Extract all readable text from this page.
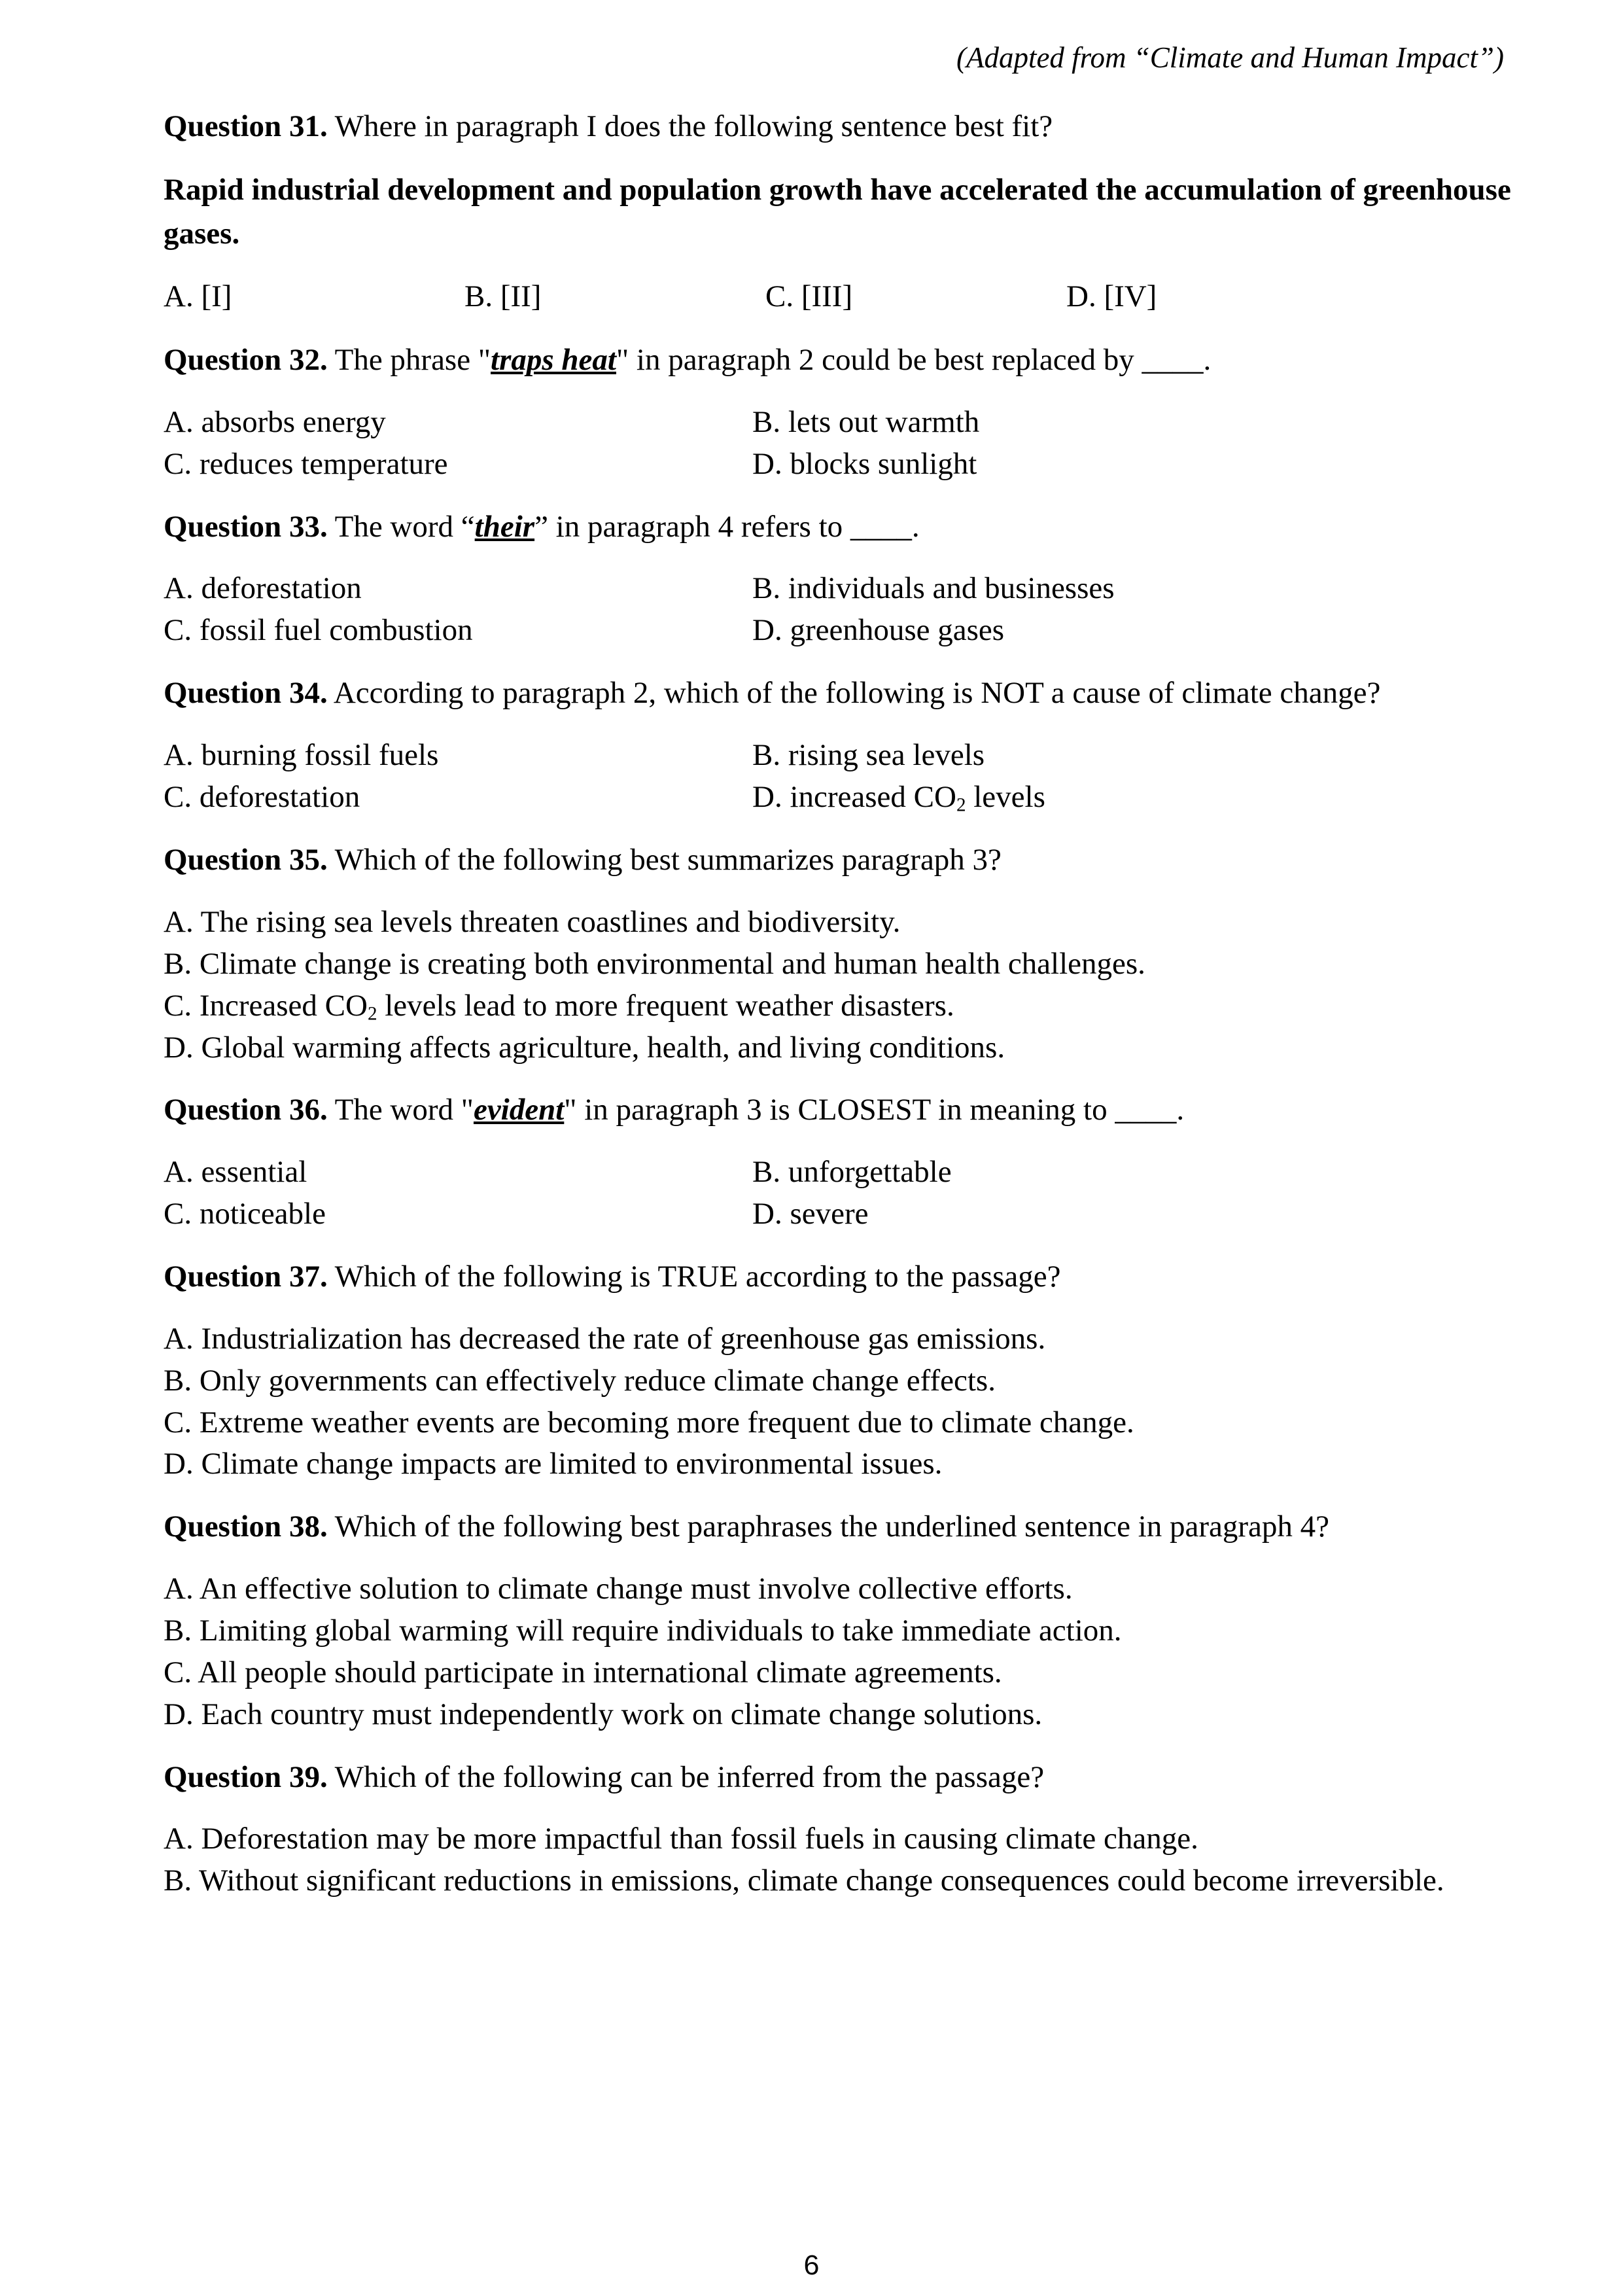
(Adapted from “Climate and Human Impact”)

Question 31. Where in paragraph I does the following sentence best fit?

Rapid industrial development and population growth have accelerated the accumulation of greenhouse gases.

A. [I]	B. [II]	C. [III]	D. [IV]

Question 32. The phrase "traps heat" in paragraph 2 could be best replaced by ____.

A. absorbs energy	B. lets out warmth
C. reduces temperature	D. blocks sunlight

Question 33. The word “their” in paragraph 4 refers to ____.

A. deforestation	B. individuals and businesses
C. fossil fuel combustion	D. greenhouse gases

Question 34. According to paragraph 2, which of the following is NOT a cause of climate change?

A. burning fossil fuels	B. rising sea levels
C. deforestation	D. increased $CO_2$ levels

Question 35. Which of the following best summarizes paragraph 3?

A. The rising sea levels threaten coastlines and biodiversity.
B. Climate change is creating both environmental and human health challenges.
C. Increased $CO_2$ levels lead to more frequent weather disasters.
D. Global warming affects agriculture, health, and living conditions.

Question 36. The word "evident" in paragraph 3 is CLOSEST in meaning to ____.

A. essential	B. unforgettable
C. noticeable	D. severe

Question 37. Which of the following is TRUE according to the passage?

A. Industrialization has decreased the rate of greenhouse gas emissions.
B. Only governments can effectively reduce climate change effects.
C. Extreme weather events are becoming more frequent due to climate change.
D. Climate change impacts are limited to environmental issues.

Question 38. Which of the following best paraphrases the underlined sentence in paragraph 4?

A. An effective solution to climate change must involve collective efforts.
B. Limiting global warming will require individuals to take immediate action.
C. All people should participate in international climate agreements.
D. Each country must independently work on climate change solutions.

Question 39. Which of the following can be inferred from the passage?

A. Deforestation may be more impactful than fossil fuels in causing climate change.
B. Without significant reductions in emissions, climate change consequences could become irreversible.
6
